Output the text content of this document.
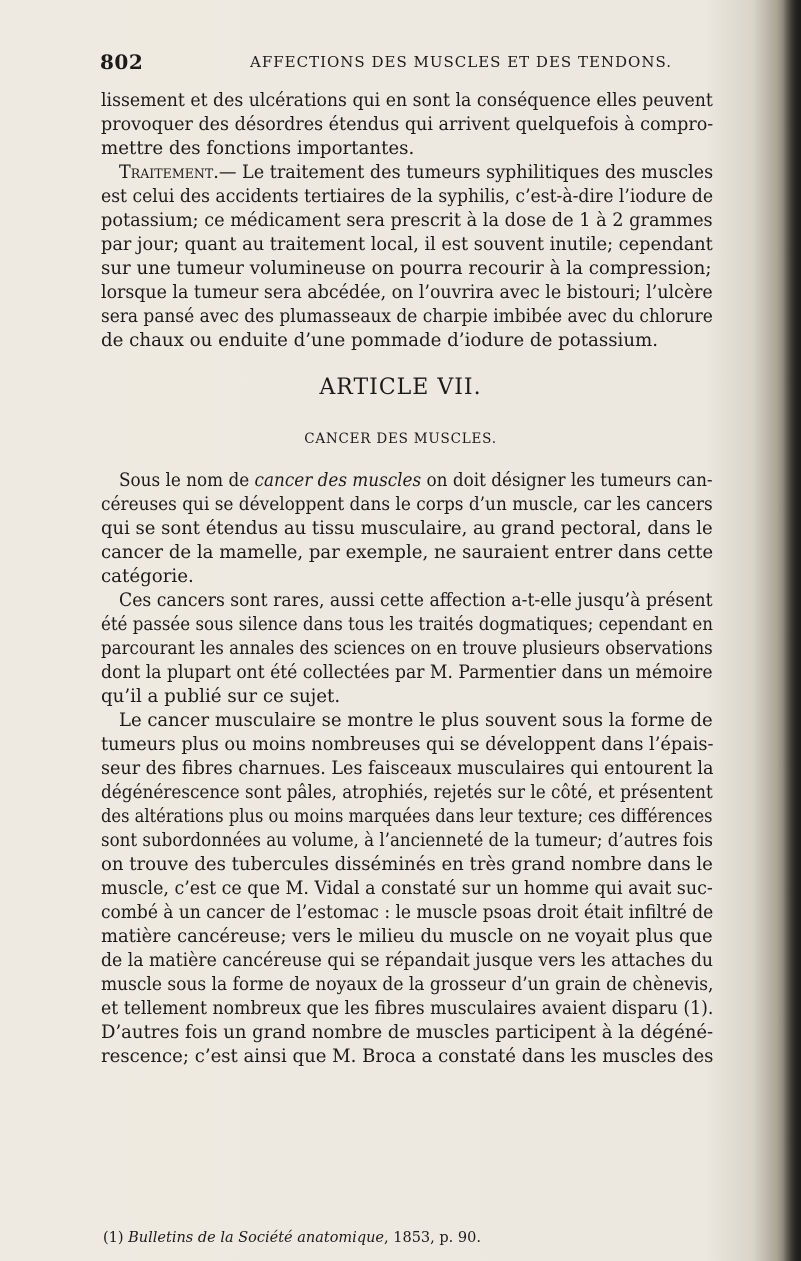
802	AFFECTIONS DES MUSCLES ET DES TENDONS.
lissement et des ulcérations qui en sont la conséquence elles peuvent
provoquer des désordres étendus qui arrivent quelquefois à compro-
mettre des fonctions importantes.
Traitement.— Le traitement des tumeurs syphilitiques des muscles
est celui des accidents tertiaires de la syphilis, c’est-à-dire l’iodure de
potassium; ce médicament sera prescrit à la dose de 1 à 2 grammes
par jour; quant au traitement local, il est souvent inutile; cependant
sur une tumeur volumineuse on pourra recourir à la compression;
lorsque la tumeur sera abcédée, on l’ouvrira avec le bistouri; l’ulcère
sera pansé avec des plumasseaux de charpie imbibée avec du chlorure
de chaux ou enduite d’une pommade d’iodure de potassium.
ARTICLE VII.
CANCER DES MUSCLES.
Sous le nom de cancer des muscles on doit désigner les tumeurs can-
céreuses qui se développent dans le corps d’un muscle, car les cancers
qui se sont étendus au tissu musculaire, au grand pectoral, dans le
cancer de la mamelle, par exemple, ne sauraient entrer dans cette
catégorie.
Ces cancers sont rares, aussi cette affection a-t-elle jusqu’à présent
été passée sous silence dans tous les traités dogmatiques; cependant en
parcourant les annales des sciences on en trouve plusieurs observations
dont la plupart ont été collectées par M. Parmentier dans un mémoire
qu’il a publié sur ce sujet.
Le cancer musculaire se montre le plus souvent sous la forme de
tumeurs plus ou moins nombreuses qui se développent dans l’épais-
seur des fibres charnues. Les faisceaux musculaires qui entourent la
dégénérescence sont pâles, atrophiés, rejetés sur le côté, et présentent
des altérations plus ou moins marquées dans leur texture; ces différences
sont subordonnées au volume, à l’ancienneté de la tumeur; d’autres fois
on trouve des tubercules disséminés en très grand nombre dans le
muscle, c’est ce que M. Vidal a constaté sur un homme qui avait suc-
combé à un cancer de l’estomac : le muscle psoas droit était infiltré de
matière cancéreuse; vers le milieu du muscle on ne voyait plus que
de la matière cancéreuse qui se répandait jusque vers les attaches du
muscle sous la forme de noyaux de la grosseur d’un grain de chènevis,
et tellement nombreux que les fibres musculaires avaient disparu (1).
D’autres fois un grand nombre de muscles participent à la dégéné-
rescence; c’est ainsi que M. Broca a constaté dans les muscles des
(1) Bulletins de la Société anatomique, 1853, p. 90.
